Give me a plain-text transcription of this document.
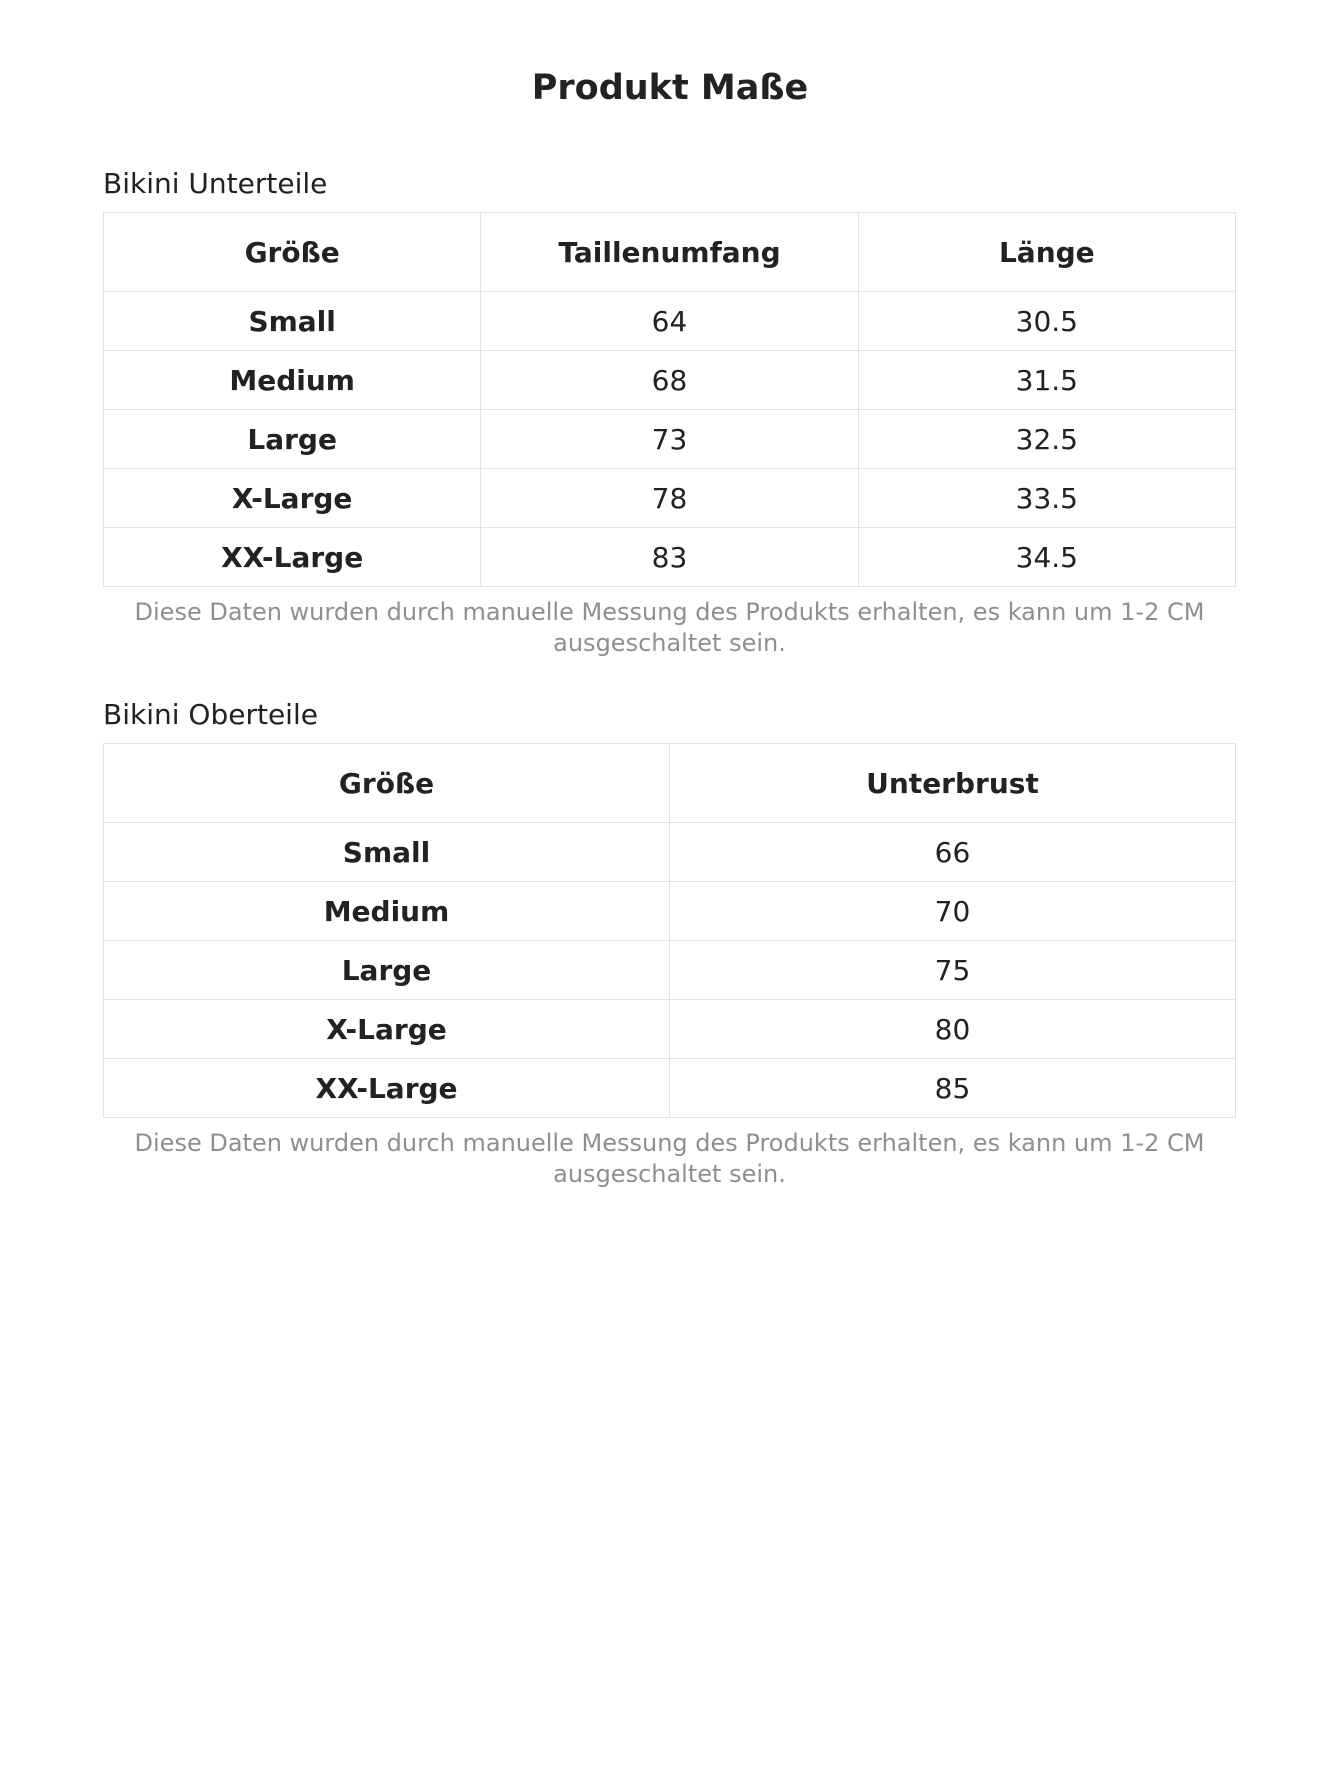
Produkt Maße
Bikini Unterteile
Größe	Taillenumfang	Länge
Small	64	30.5
Medium	68	31.5
Large	73	32.5
X-Large	78	33.5
XX-Large	83	34.5
Diese Daten wurden durch manuelle Messung des Produkts erhalten, es kann um 1-2 CM ausgeschaltet sein.
Bikini Oberteile
Größe	Unterbrust
Small	66
Medium	70
Large	75
X-Large	80
XX-Large	85
Diese Daten wurden durch manuelle Messung des Produkts erhalten, es kann um 1-2 CM ausgeschaltet sein.
